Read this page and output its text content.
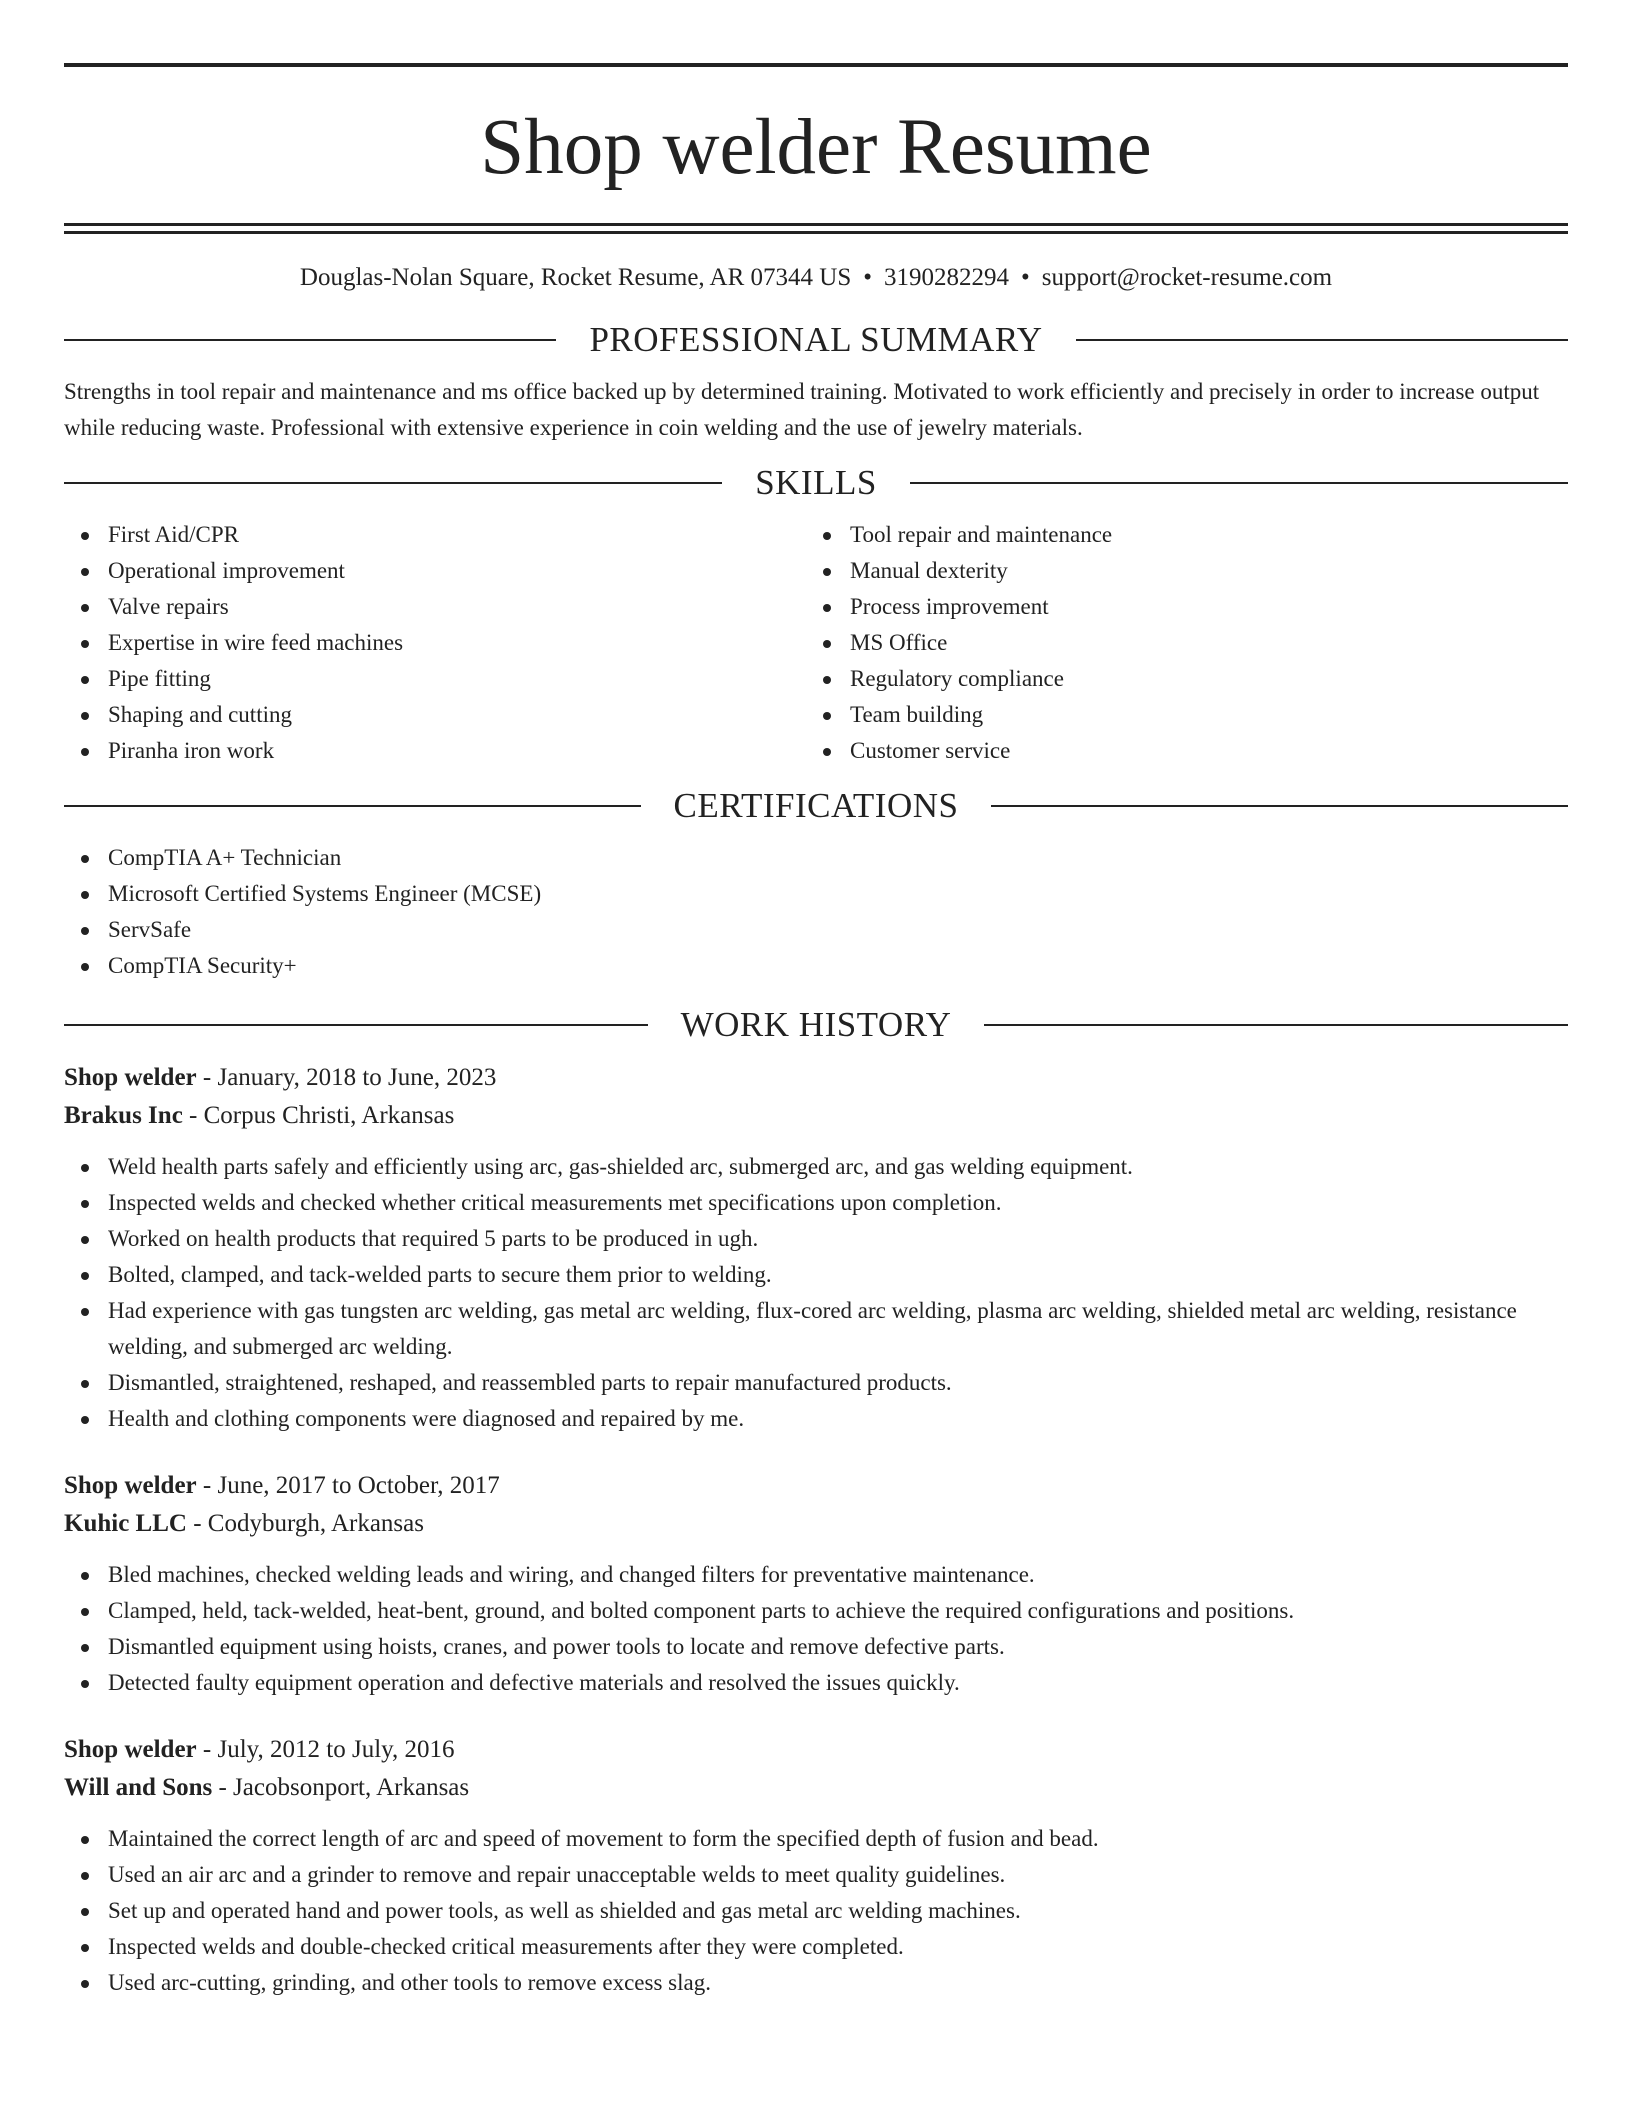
Shop welder Resume
Douglas-Nolan Square, Rocket Resume, AR 07344 US • 3190282294 • support@rocket-resume.com
PROFESSIONAL SUMMARY
Strengths in tool repair and maintenance and ms office backed up by determined training. Motivated to work efficiently and precisely in order to increase output while reducing waste. Professional with extensive experience in coin welding and the use of jewelry materials.
SKILLS
First Aid/CPR
Operational improvement
Valve repairs
Expertise in wire feed machines
Pipe fitting
Shaping and cutting
Piranha iron work
Tool repair and maintenance
Manual dexterity
Process improvement
MS Office
Regulatory compliance
Team building
Customer service
CERTIFICATIONS
CompTIA A+ Technician
Microsoft Certified Systems Engineer (MCSE)
ServSafe
CompTIA Security+
WORK HISTORY
Shop welder - January, 2018 to June, 2023
Brakus Inc - Corpus Christi, Arkansas
Weld health parts safely and efficiently using arc, gas-shielded arc, submerged arc, and gas welding equipment.
Inspected welds and checked whether critical measurements met specifications upon completion.
Worked on health products that required 5 parts to be produced in ugh.
Bolted, clamped, and tack-welded parts to secure them prior to welding.
Had experience with gas tungsten arc welding, gas metal arc welding, flux-cored arc welding, plasma arc welding, shielded metal arc welding, resistance welding, and submerged arc welding.
Dismantled, straightened, reshaped, and reassembled parts to repair manufactured products.
Health and clothing components were diagnosed and repaired by me.
Shop welder - June, 2017 to October, 2017
Kuhic LLC - Codyburgh, Arkansas
Bled machines, checked welding leads and wiring, and changed filters for preventative maintenance.
Clamped, held, tack-welded, heat-bent, ground, and bolted component parts to achieve the required configurations and positions.
Dismantled equipment using hoists, cranes, and power tools to locate and remove defective parts.
Detected faulty equipment operation and defective materials and resolved the issues quickly.
Shop welder - July, 2012 to July, 2016
Will and Sons - Jacobsonport, Arkansas
Maintained the correct length of arc and speed of movement to form the specified depth of fusion and bead.
Used an air arc and a grinder to remove and repair unacceptable welds to meet quality guidelines.
Set up and operated hand and power tools, as well as shielded and gas metal arc welding machines.
Inspected welds and double-checked critical measurements after they were completed.
Used arc-cutting, grinding, and other tools to remove excess slag.
